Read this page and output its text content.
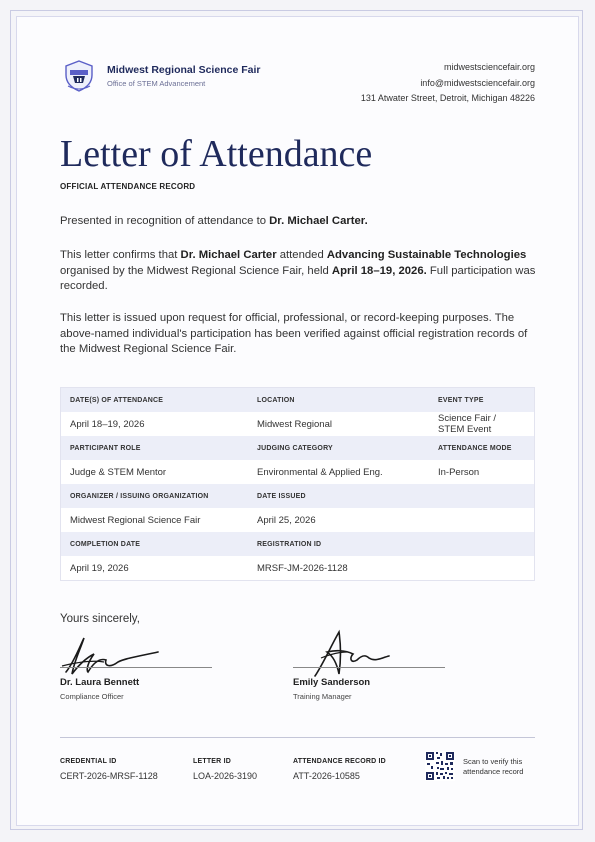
Midwest Regional Science Fair
Office of STEM Advancement
midwestsciencefair.org
info@midwestsciencefair.org
131 Atwater Street, Detroit, Michigan 48226
Letter of Attendance
OFFICIAL ATTENDANCE RECORD
Presented in recognition of attendance to Dr. Michael Carter.
This letter confirms that Dr. Michael Carter attended Advancing Sustainable Technologies organised by the Midwest Regional Science Fair, held April 18–19, 2026. Full participation was recorded.
This letter is issued upon request for official, professional, or record-keeping purposes. The above-named individual's participation has been verified against official registration records of the Midwest Regional Science Fair.
DATE(S) OF ATTENDANCE	LOCATION	EVENT TYPE
April 18–19, 2026	Midwest Regional	Science Fair / STEM Event
PARTICIPANT ROLE	JUDGING CATEGORY	ATTENDANCE MODE
Judge & STEM Mentor	Environmental & Applied Eng.	In-Person
ORGANIZER / ISSUING ORGANIZATION	DATE ISSUED	
Midwest Regional Science Fair	April 25, 2026	
COMPLETION DATE	REGISTRATION ID	
April 19, 2026	MRSF-JM-2026-1128	
Yours sincerely,
Dr. Laura Bennett
Compliance Officer
Emily Sanderson
Training Manager
CREDENTIAL ID
CERT-2026-MRSF-1128
LETTER ID
LOA-2026-3190
ATTENDANCE RECORD ID
ATT-2026-10585
Scan to verify this attendance record
